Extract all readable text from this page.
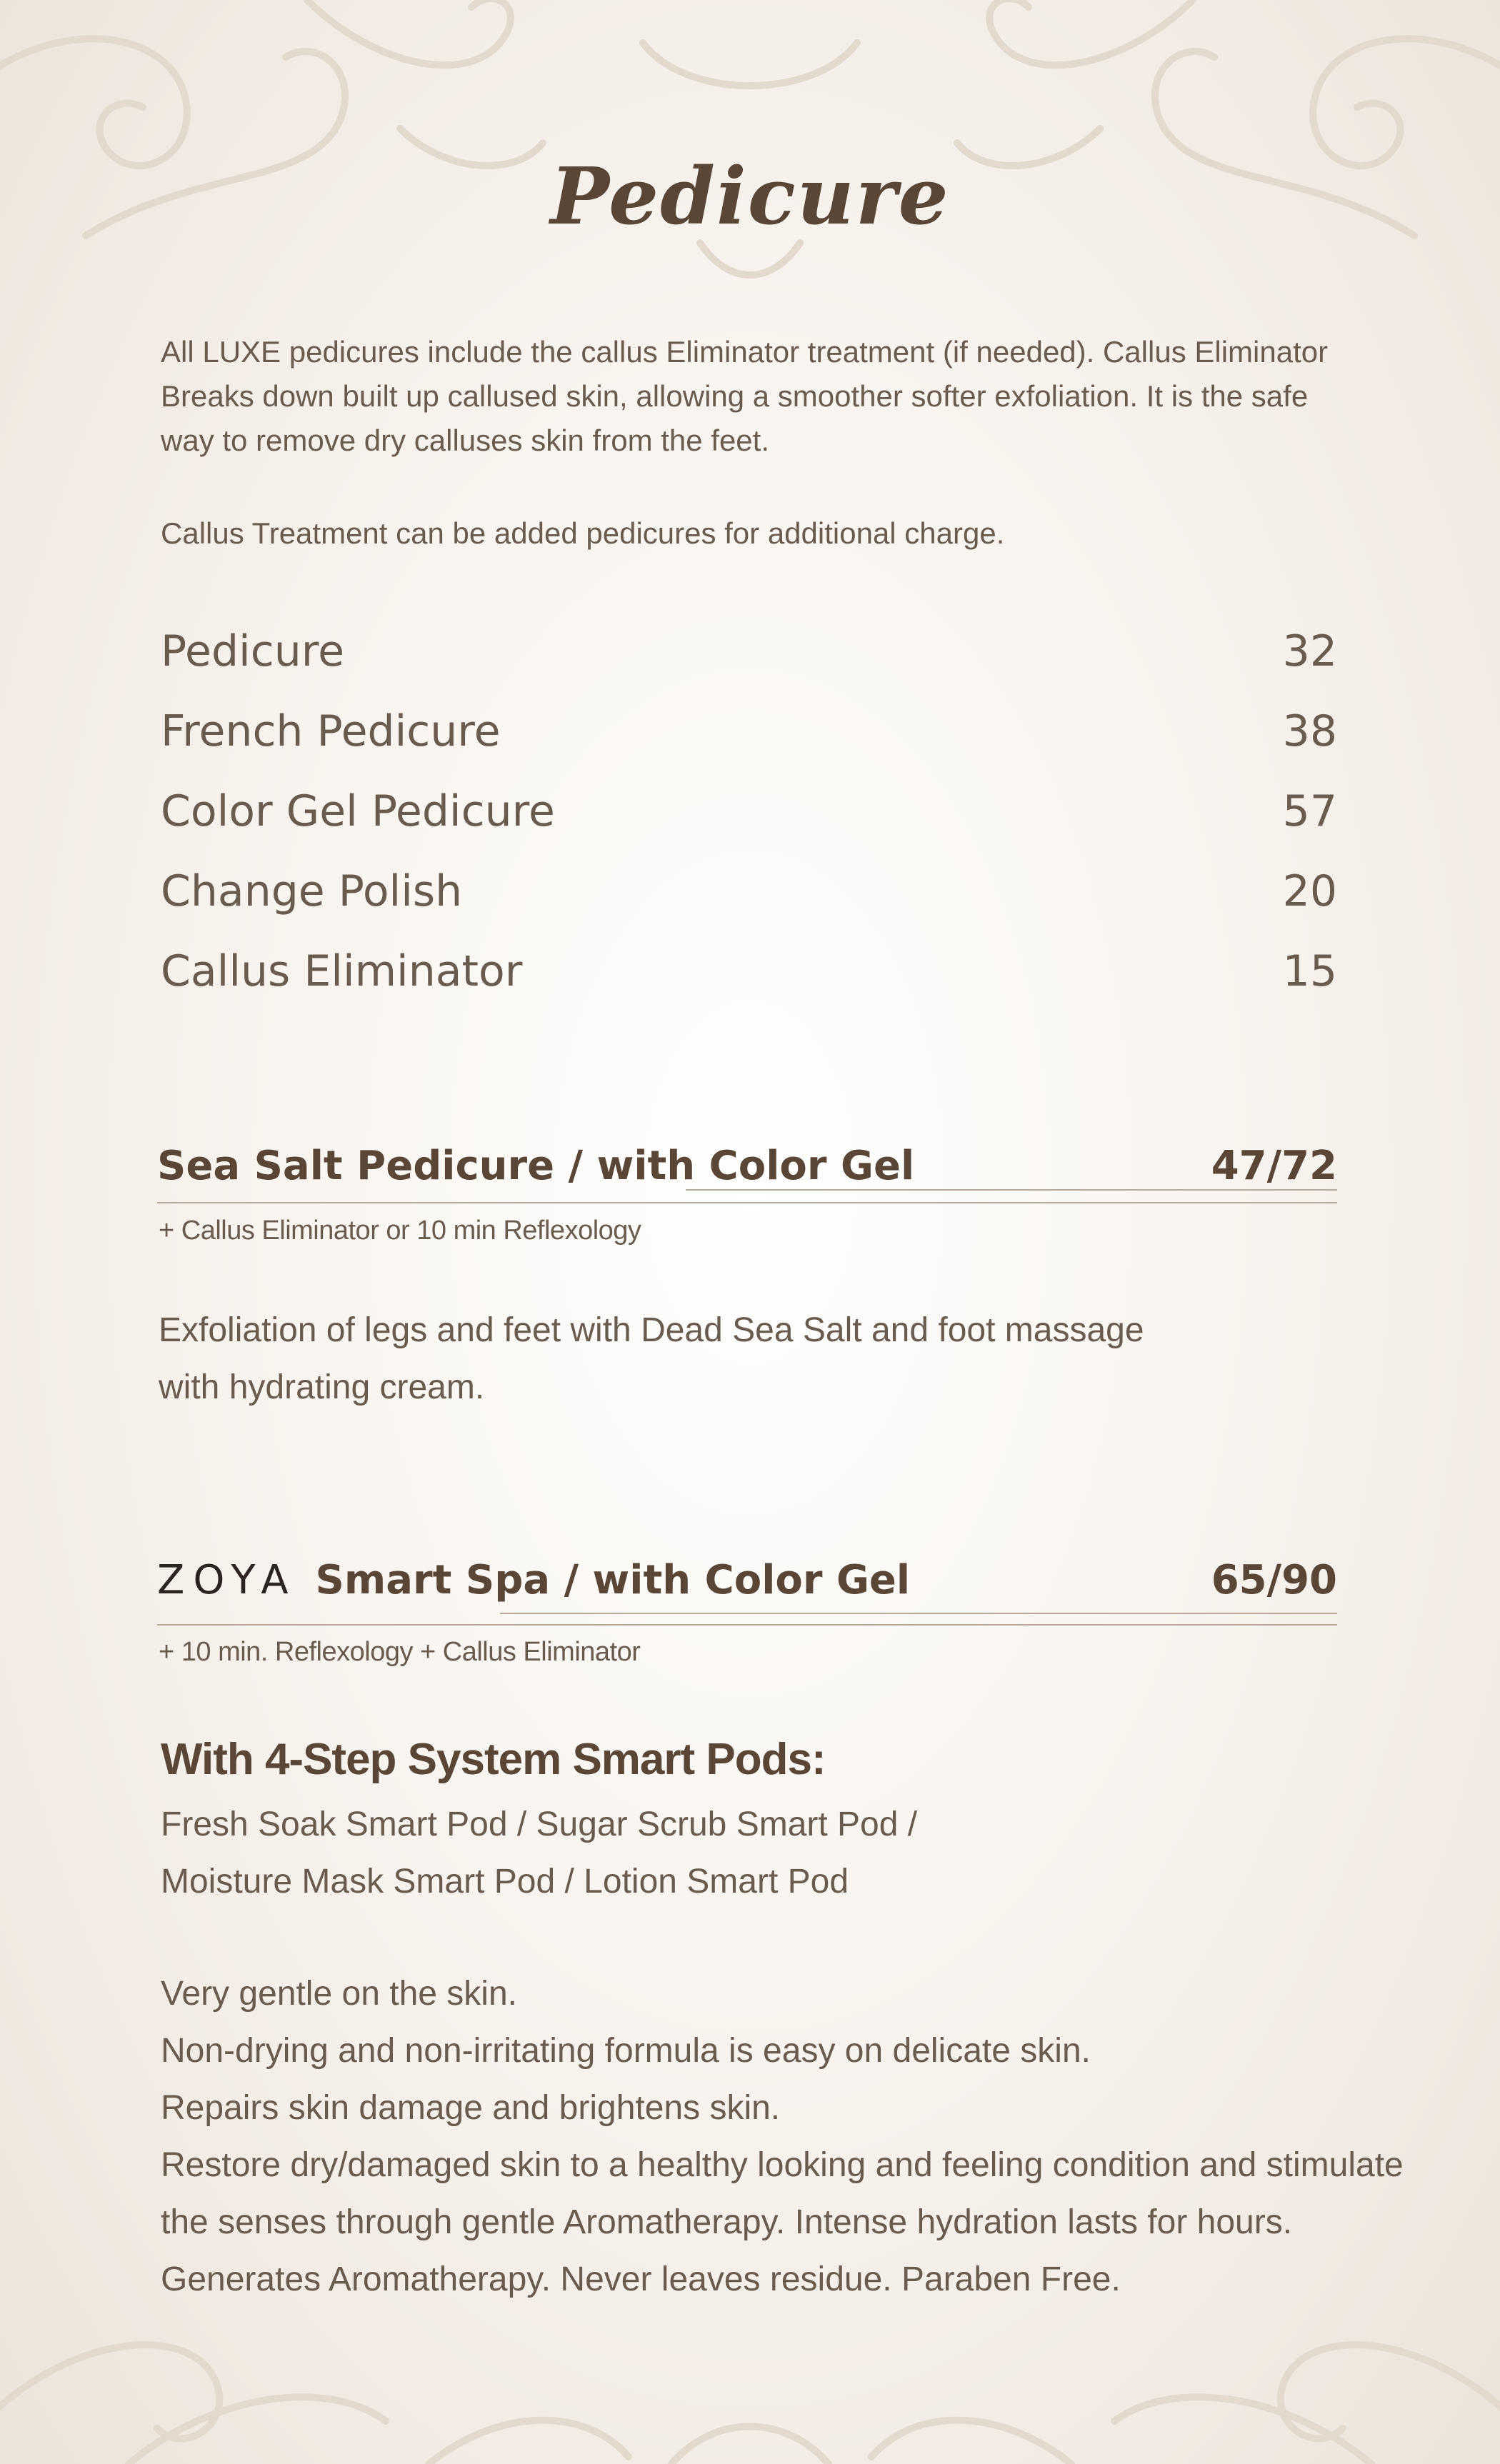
Pedicure
All LUXE pedicures include the callus Eliminator treatment (if needed). Callus Eliminator Breaks down built up callused skin, allowing a smoother softer exfoliation. It is the safe way to remove dry calluses skin from the feet.
Callus Treatment can be added pedicures for additional charge.
Pedicure	32
French Pedicure	38
Color Gel Pedicure	57
Change Polish	20
Callus Eliminator	15
Sea Salt Pedicure / with Color Gel	47/72
+ Callus Eliminator or 10 min Reflexology
Exfoliation of legs and feet with Dead Sea Salt and foot massage
with hydrating cream.
ZOYA Smart Spa / with Color Gel	65/90
+ 10 min. Reflexology + Callus Eliminator
With 4-Step System Smart Pods:
Fresh Soak Smart Pod / Sugar Scrub Smart Pod /
Moisture Mask Smart Pod / Lotion Smart Pod
Very gentle on the skin.
Non-drying and non-irritating formula is easy on delicate skin.
Repairs skin damage and brightens skin.
Restore dry/damaged skin to a healthy looking and feeling condition and stimulate
the senses through gentle Aromatherapy. Intense hydration lasts for hours.
Generates Aromatherapy. Never leaves residue. Paraben Free.
